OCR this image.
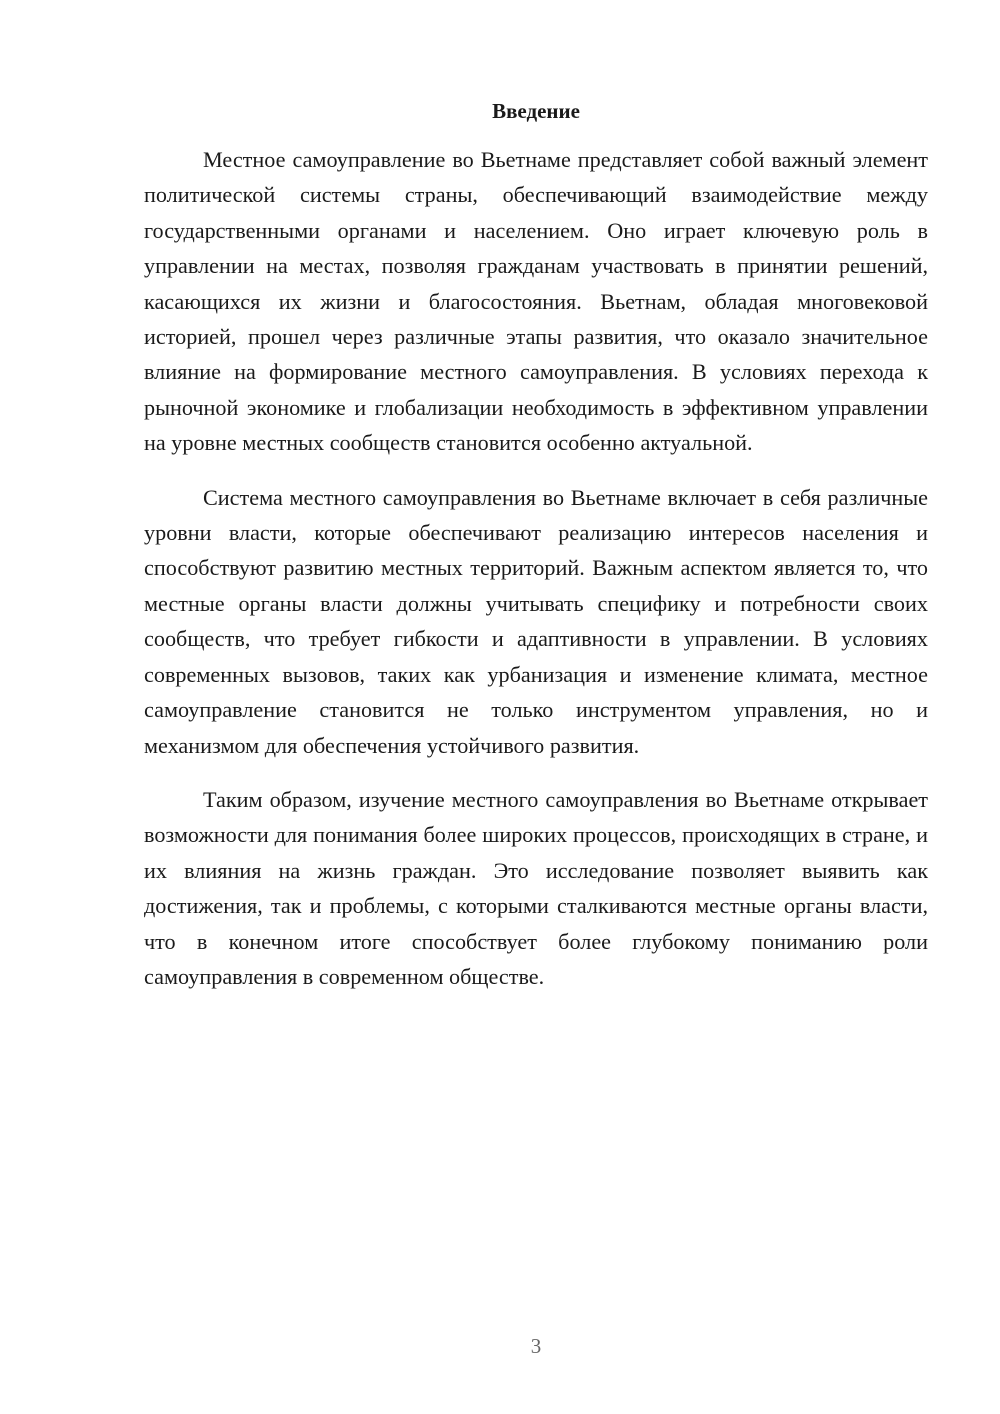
Введение

Местное самоуправление во Вьетнаме представляет собой важный элемент политической системы страны, обеспечивающий взаимодействие между государственными органами и населением. Оно играет ключевую роль в управлении на местах, позволяя гражданам участвовать в принятии решений, касающихся их жизни и благосостояния. Вьетнам, обладая многовековой историей, прошел через различные этапы развития, что оказало значительное влияние на формирование местного самоуправления. В условиях перехода к рыночной экономике и глобализации необходимость в эффективном управлении на уровне местных сообществ становится особенно актуальной.

Система местного самоуправления во Вьетнаме включает в себя различные уровни власти, которые обеспечивают реализацию интересов населения и способствуют развитию местных территорий. Важным аспектом является то, что местные органы власти должны учитывать специфику и потребности своих сообществ, что требует гибкости и адаптивности в управлении. В условиях современных вызовов, таких как урбанизация и изменение климата, местное самоуправление становится не только инструментом управления, но и механизмом для обеспечения устойчивого развития.

Таким образом, изучение местного самоуправления во Вьетнаме открывает возможности для понимания более широких процессов, происходящих в стране, и их влияния на жизнь граждан. Это исследование позволяет выявить как достижения, так и проблемы, с которыми сталкиваются местные органы власти, что в конечном итоге способствует более глубокому пониманию роли самоуправления в современном обществе.

3
